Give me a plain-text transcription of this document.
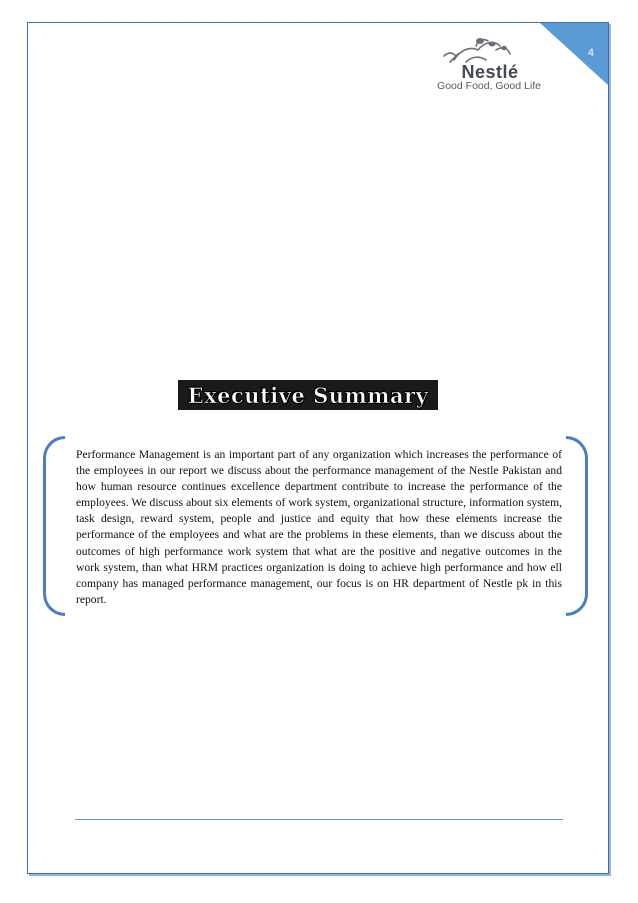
4
Nestlé
Good Food, Good Life
Executive Summary

Performance Management is an important part of any organization which increases the performance of the employees in our report we discuss about the performance management of the Nestle Pakistan and how human resource continues excellence department contribute to increase the performance of the employees. We discuss about six elements of work system, organizational structure, information system, task design, reward system, people and justice and equity that how these elements increase the performance of the employees and what are the problems in these elements, than we discuss about the outcomes of high performance work system that what are the positive and negative outcomes in the work system, than what HRM practices organization is doing to achieve high performance and how ell company has managed performance management, our focus is on HR department of Nestle pk in this report.
